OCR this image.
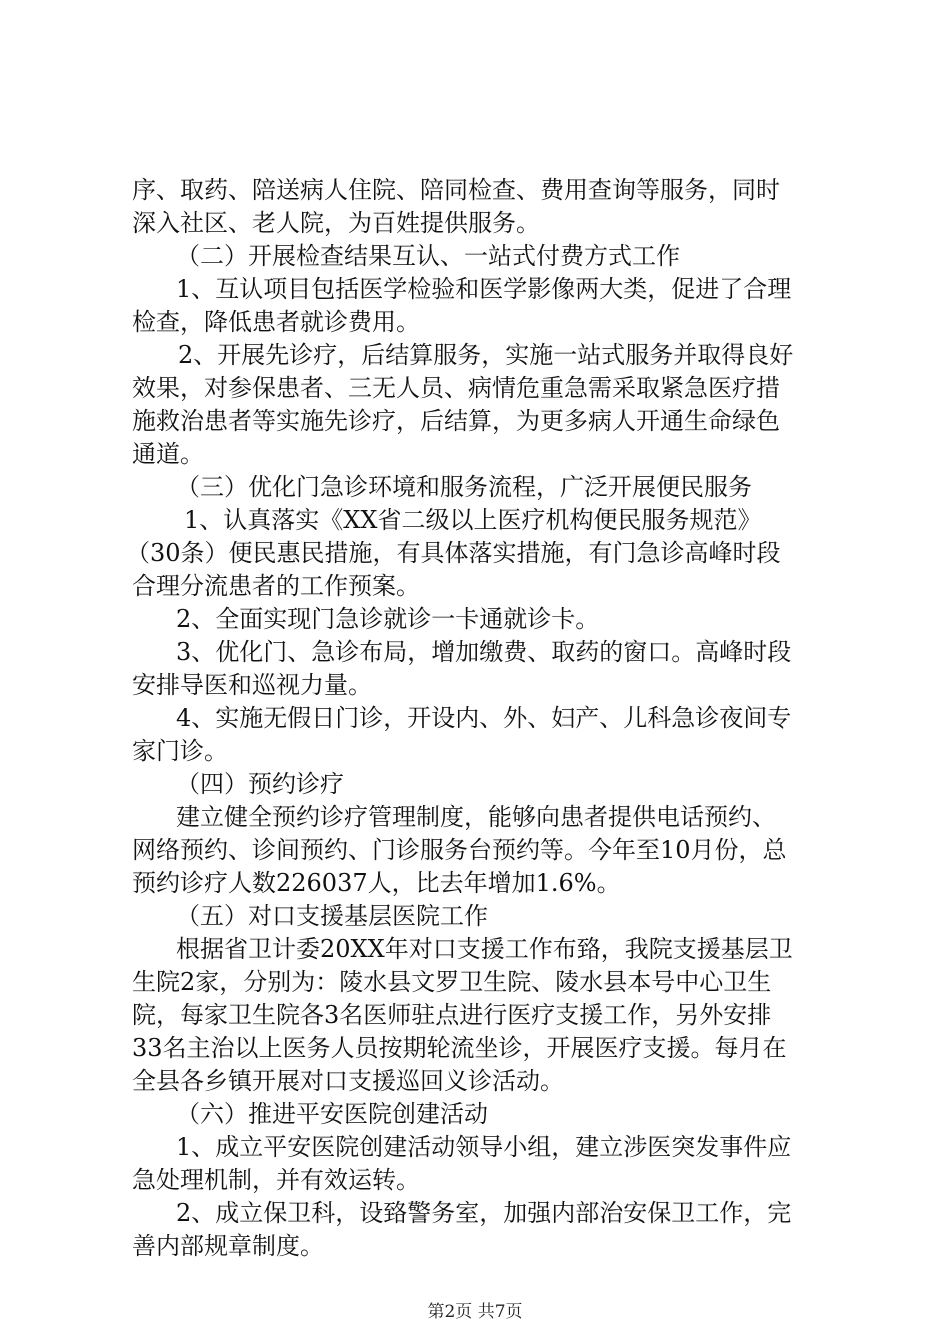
序、取药、陪送病人住院、陪同检查、费用查询等服务，同时
深入社区、老人院，为百姓提供服务。
（二）开展检查结果互认、一站式付费方式工作
1、互认项目包括医学检验和医学影像两大类，促进了合理
检查，降低患者就诊费用。
2、开展先诊疗，后结算服务，实施一站式服务并取得良好
效果，对参保患者、三无人员、病情危重急需采取紧急医疗措
施救治患者等实施先诊疗，后结算，为更多病人开通生命绿色
通道。
（三）优化门急诊环境和服务流程，广泛开展便民服务
1、认真落实《XX省二级以上医疗机构便民服务规范》
（30条）便民惠民措施，有具体落实措施，有门急诊高峰时段
合理分流患者的工作预案。
2、全面实现门急诊就诊一卡通就诊卡。
3、优化门、急诊布局，增加缴费、取药的窗口。高峰时段
安排导医和巡视力量。
4、实施无假日门诊，开设内、外、妇产、儿科急诊夜间专
家门诊。
（四）预约诊疗
建立健全预约诊疗管理制度，能够向患者提供电话预约、
网络预约、诊间预约、门诊服务台预约等。今年至10月份，总
预约诊疗人数226037人，比去年增加1.6%。
（五）对口支援基层医院工作
根据省卫计委20XX年对口支援工作布臵，我院支援基层卫
生院2家，分别为：陵水县文罗卫生院、陵水县本号中心卫生
院，每家卫生院各3名医师驻点进行医疗支援工作，另外安排
33名主治以上医务人员按期轮流坐诊，开展医疗支援。每月在
全县各乡镇开展对口支援巡回义诊活动。
（六）推进平安医院创建活动
1、成立平安医院创建活动领导小组，建立涉医突发事件应
急处理机制，并有效运转。
2、成立保卫科，设臵警务室，加强内部治安保卫工作，完
善内部规章制度。
第2页 共7页
